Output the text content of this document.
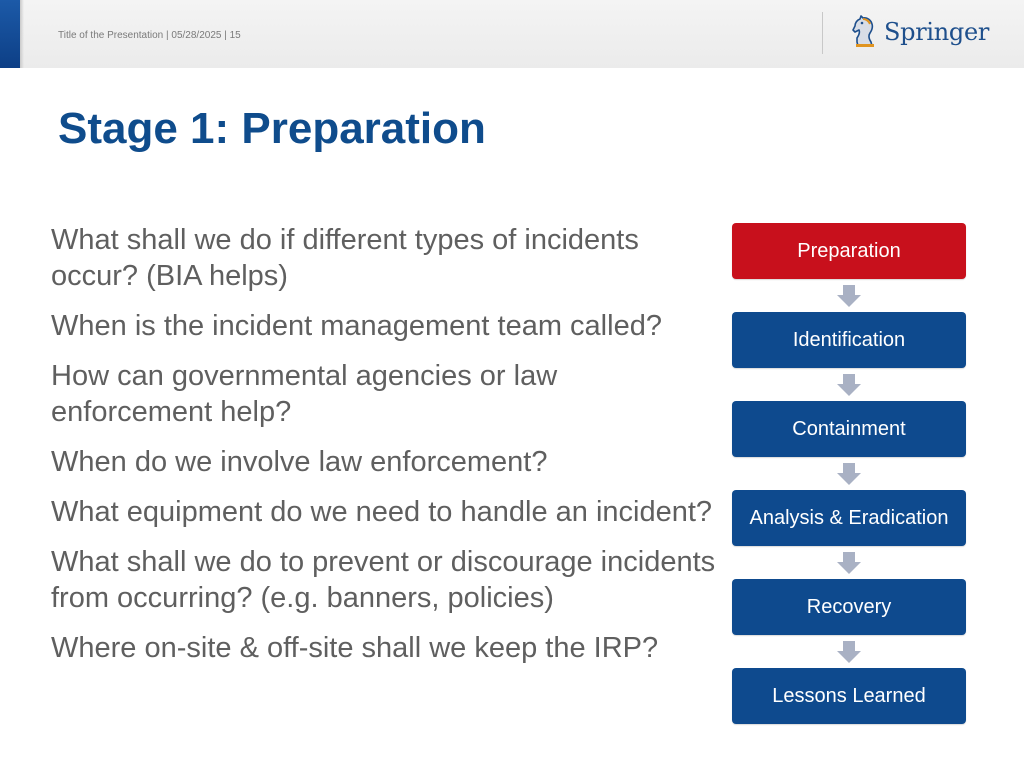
Title of the Presentation | 05/28/2025 | 15	Springer
Stage 1: Preparation
What shall we do if different types of incidents occur? (BIA helps)
When is the incident management team called?
How can governmental agencies or law enforcement help?
When do we involve law enforcement?
What equipment do we need to handle an incident?
What shall we do to prevent or discourage incidents from occurring? (e.g. banners, policies)
Where on-site & off-site shall we keep the IRP?
Preparation
Identification
Containment
Analysis & Eradication
Recovery
Lessons Learned
